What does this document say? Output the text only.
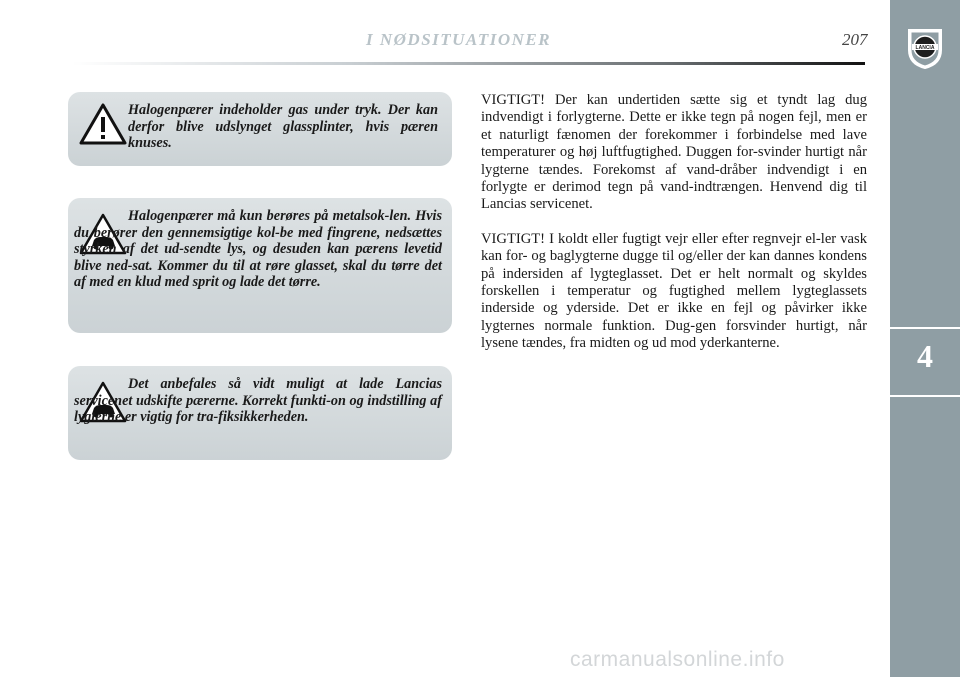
I NØDSITUATIONER	207
4
LANCIA

Halogenpærer indeholder gas under tryk. Der kan derfor blive udslynget glassplinter, hvis pæren knuses.

Halogenpærer må kun berøres på metalsok-len. Hvis du berører den gennemsigtige kol-be med fingrene, nedsættes styrken af det ud-sendte lys, og desuden kan pærens levetid blive ned-sat. Kommer du til at røre glasset, skal du tørre det af med en klud med sprit og lade det tørre.

Det anbefales så vidt muligt at lade Lancias servicenet udskifte pærerne. Korrekt funkti-on og indstilling af lygterne er vigtig for tra-fiksikkerheden.

VIGTIGT! Der kan undertiden sætte sig et tyndt lag dug indvendigt i forlygterne. Dette er ikke tegn på nogen fejl, men er et naturligt fænomen der forekommer i forbindelse med lave temperaturer og høj luftfugtighed. Duggen for-svinder hurtigt når lygterne tændes. Forekomst af vand-dråber indvendigt i en forlygte er derimod tegn på vand-indtrængen. Henvend dig til Lancias servicenet.

VIGTIGT! I koldt eller fugtigt vejr eller efter regnvejr el-ler vask kan for- og baglygterne dugge til og/eller der kan dannes kondens på indersiden af lygteglasset. Det er helt normalt og skyldes forskellen i temperatur og fugtighed mellem lygteglassets inderside og yderside. Det er ikke en fejl og påvirker ikke lygternes normale funktion. Dug-gen forsvinder hurtigt, når lysene tændes, fra midten og ud mod yderkanterne.

carmanualsonline.info
